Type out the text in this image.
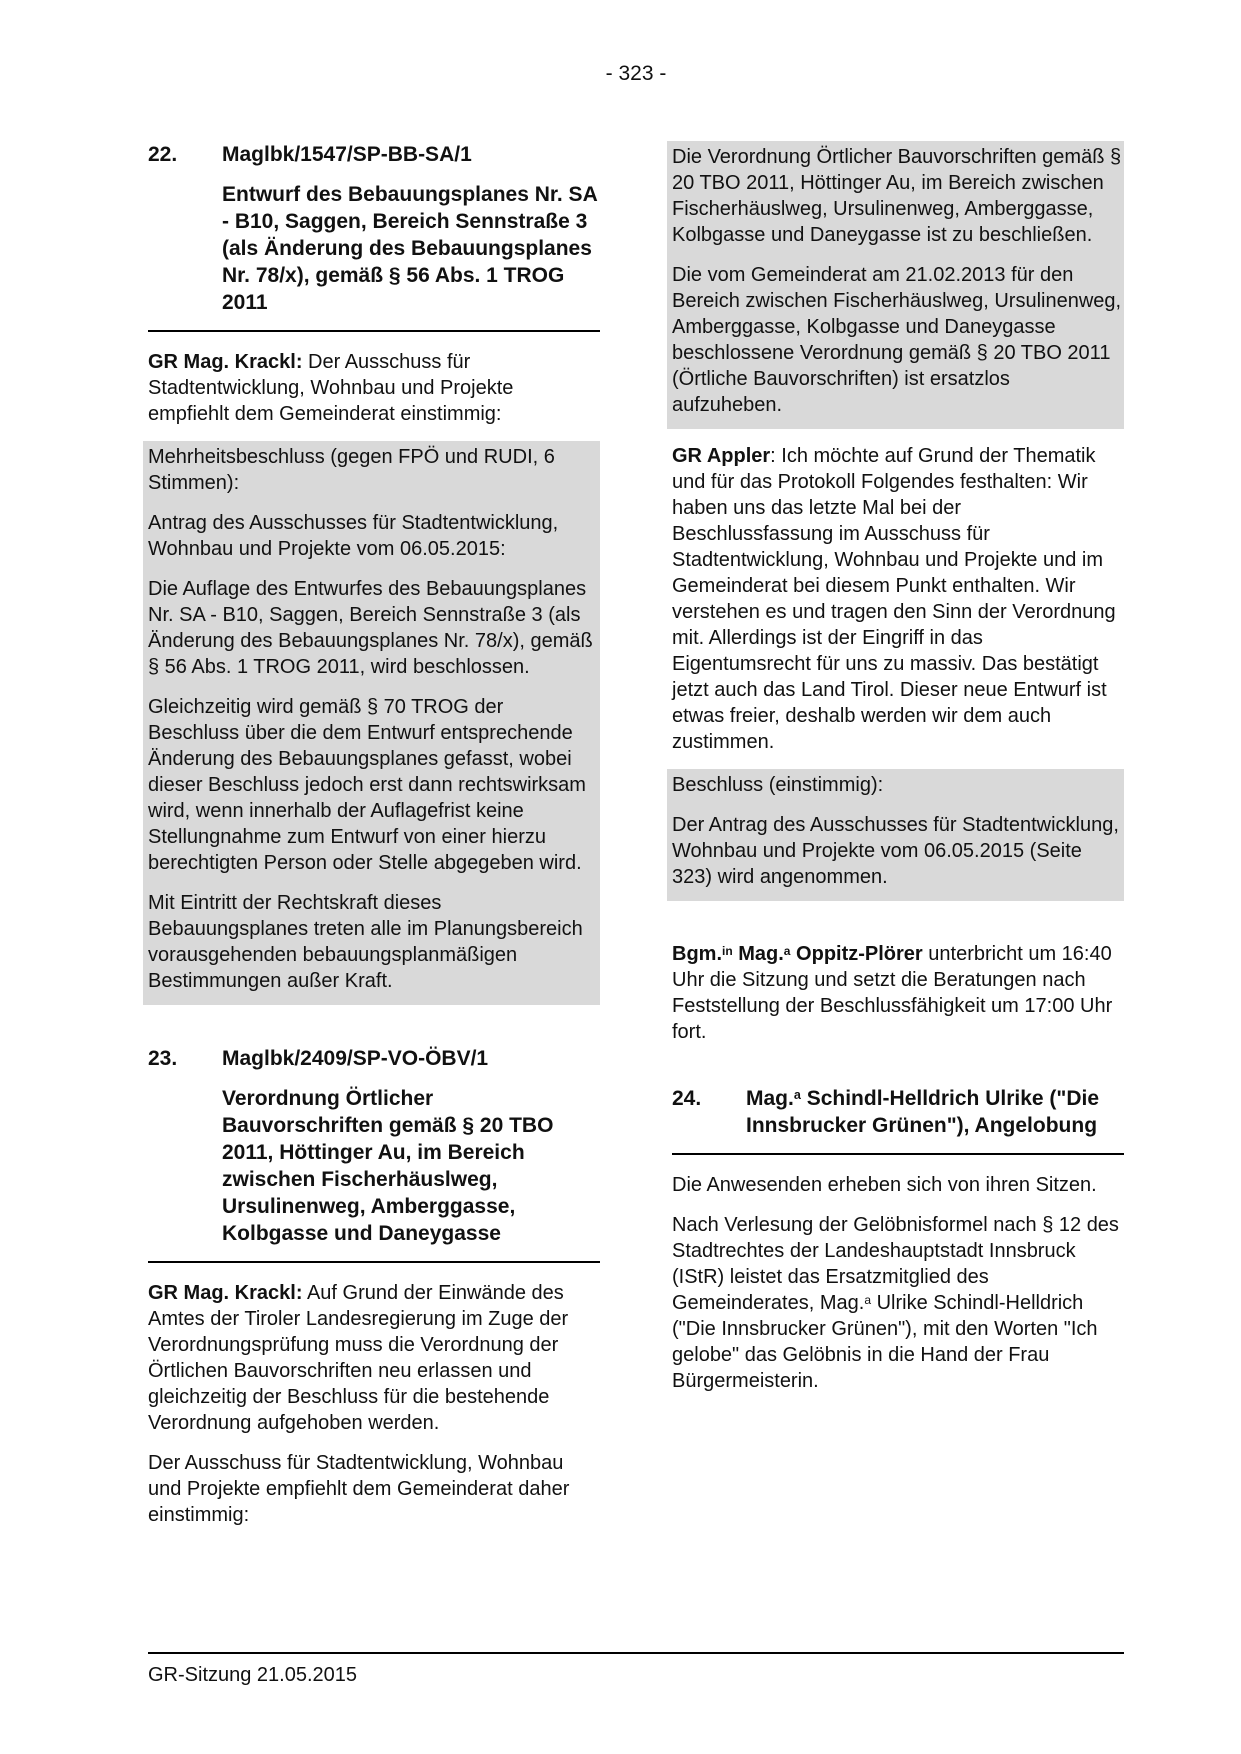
- 323 -
22. Maglbk/1547/SP-BB-SA/1
Entwurf des Bebauungsplanes Nr. SA - B10, Saggen, Bereich Sennstraße 3 (als Änderung des Bebauungsplanes Nr. 78/x), gemäß § 56 Abs. 1 TROG 2011

GR Mag. Krackl: Der Ausschuss für Stadtentwicklung, Wohnbau und Projekte empfiehlt dem Gemeinderat einstimmig:

Mehrheitsbeschluss (gegen FPÖ und RUDI, 6 Stimmen):

Antrag des Ausschusses für Stadtentwicklung, Wohnbau und Projekte vom 06.05.2015:

Die Auflage des Entwurfes des Bebauungsplanes Nr. SA - B10, Saggen, Bereich Sennstraße 3 (als Änderung des Bebauungsplanes Nr. 78/x), gemäß § 56 Abs. 1 TROG 2011, wird beschlossen.

Gleichzeitig wird gemäß § 70 TROG der Beschluss über die dem Entwurf entsprechende Änderung des Bebauungsplanes gefasst, wobei dieser Beschluss jedoch erst dann rechtswirksam wird, wenn innerhalb der Auflagefrist keine Stellungnahme zum Entwurf von einer hierzu berechtigten Person oder Stelle abgegeben wird.

Mit Eintritt der Rechtskraft dieses Bebauungsplanes treten alle im Planungsbereich vorausgehenden bebauungsplanmäßigen Bestimmungen außer Kraft.

23. Maglbk/2409/SP-VO-ÖBV/1
Verordnung Örtlicher Bauvorschriften gemäß § 20 TBO 2011, Höttinger Au, im Bereich zwischen Fischerhäuslweg, Ursulinenweg, Amberggasse, Kolbgasse und Daneygasse

GR Mag. Krackl: Auf Grund der Einwände des Amtes der Tiroler Landesregierung im Zuge der Verordnungsprüfung muss die Verordnung der Örtlichen Bauvorschriften neu erlassen und gleichzeitig der Beschluss für die bestehende Verordnung aufgehoben werden.

Der Ausschuss für Stadtentwicklung, Wohnbau und Projekte empfiehlt dem Gemeinderat daher einstimmig:

Die Verordnung Örtlicher Bauvorschriften gemäß § 20 TBO 2011, Höttinger Au, im Bereich zwischen Fischerhäuslweg, Ursulinenweg, Amberggasse, Kolbgasse und Daneygasse ist zu beschließen.

Die vom Gemeinderat am 21.02.2013 für den Bereich zwischen Fischerhäuslweg, Ursulinenweg, Amberggasse, Kolbgasse und Daneygasse beschlossene Verordnung gemäß § 20 TBO 2011 (Örtliche Bauvorschriften) ist ersatzlos aufzuheben.

GR Appler: Ich möchte auf Grund der Thematik und für das Protokoll Folgendes festhalten: Wir haben uns das letzte Mal bei der Beschlussfassung im Ausschuss für Stadtentwicklung, Wohnbau und Projekte und im Gemeinderat bei diesem Punkt enthalten. Wir verstehen es und tragen den Sinn der Verordnung mit. Allerdings ist der Eingriff in das Eigentumsrecht für uns zu massiv. Das bestätigt jetzt auch das Land Tirol. Dieser neue Entwurf ist etwas freier, deshalb werden wir dem auch zustimmen.

Beschluss (einstimmig):

Der Antrag des Ausschusses für Stadtentwicklung, Wohnbau und Projekte vom 06.05.2015 (Seite 323) wird angenommen.

Bgm.$^{in}$ Mag.$^a$ Oppitz-Plörer unterbricht um 16:40 Uhr die Sitzung und setzt die Beratungen nach Feststellung der Beschlussfähigkeit um 17:00 Uhr fort.

24. Mag.$^a$ Schindl-Helldrich Ulrike ("Die Innsbrucker Grünen"), Angelobung

Die Anwesenden erheben sich von ihren Sitzen.

Nach Verlesung der Gelöbnisformel nach § 12 des Stadtrechtes der Landeshauptstadt Innsbruck (IStR) leistet das Ersatzmitglied des Gemeinderates, Mag.$^a$ Ulrike Schindl-Helldrich ("Die Innsbrucker Grünen"), mit den Worten "Ich gelobe" das Gelöbnis in die Hand der Frau Bürgermeisterin.

GR-Sitzung 21.05.2015
